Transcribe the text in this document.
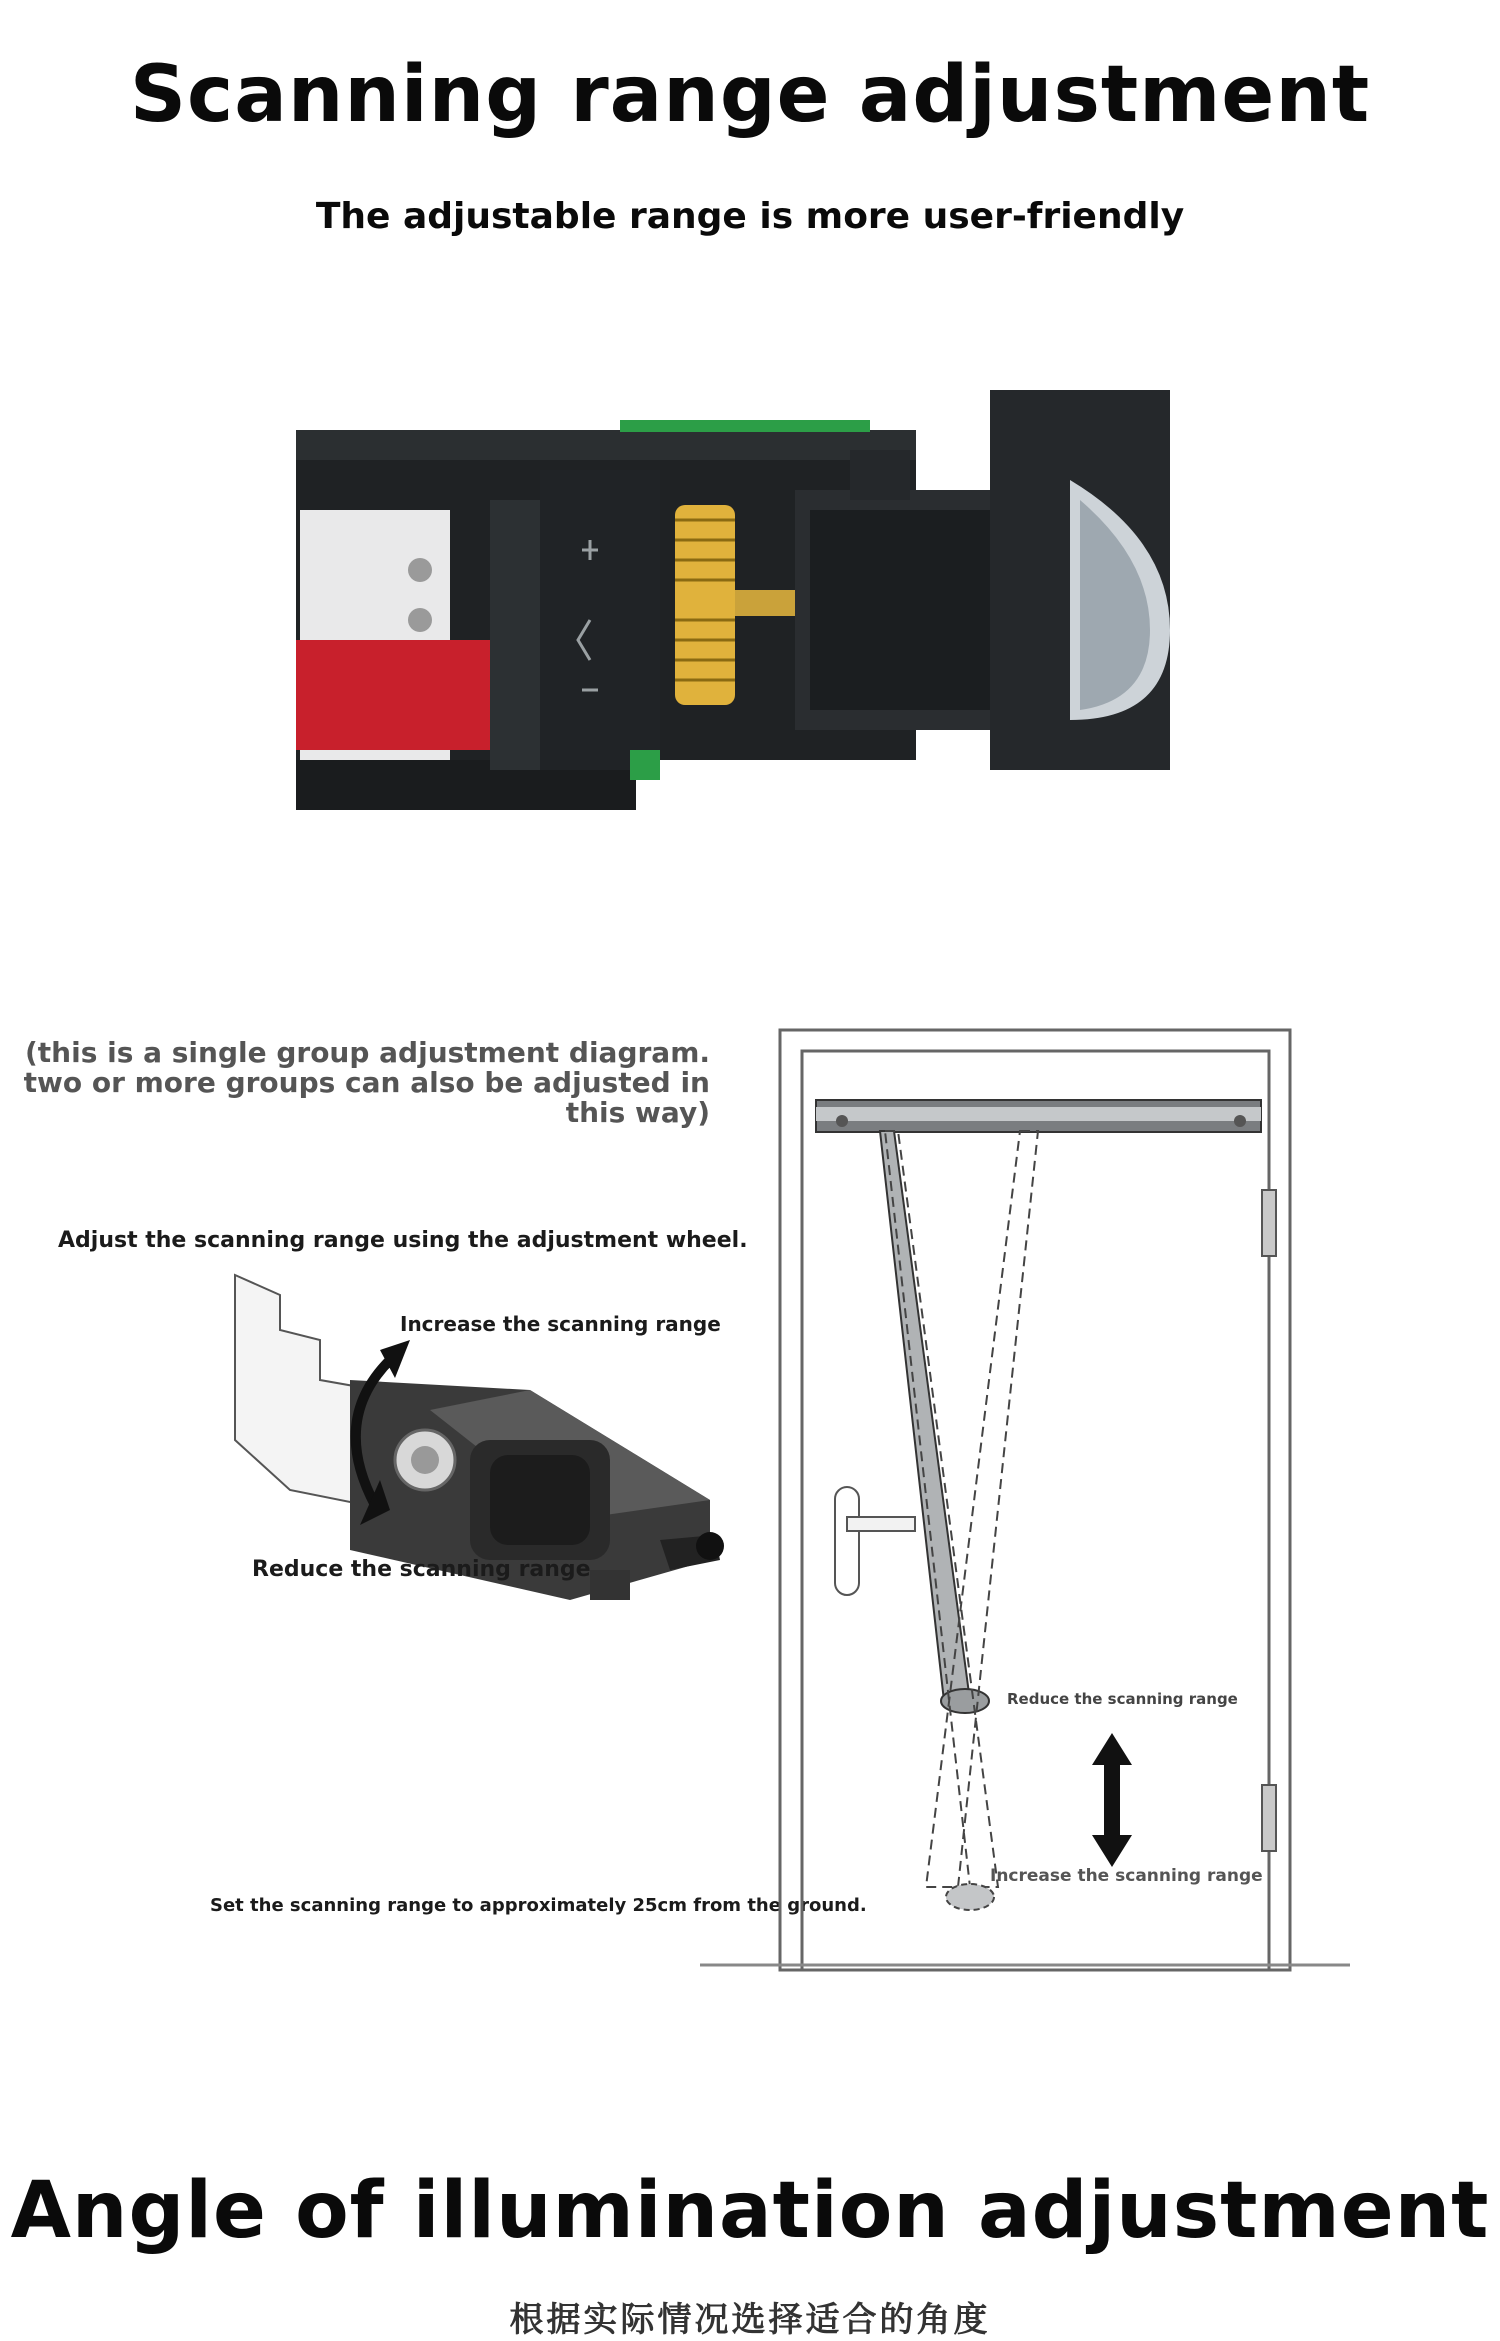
Scanning range adjustment
The adjustable range is more user-friendly
(this is a single group adjustment diagram. two or more groups can also be adjusted in this way)
Adjust the scanning range using the adjustment wheel.
Increase the scanning range
Reduce the scanning range
Set the scanning range to approximately 25cm from the ground.
Reduce the scanning range
Increase the scanning range
Angle of illumination adjustment
根据实际情况选择适合的角度
